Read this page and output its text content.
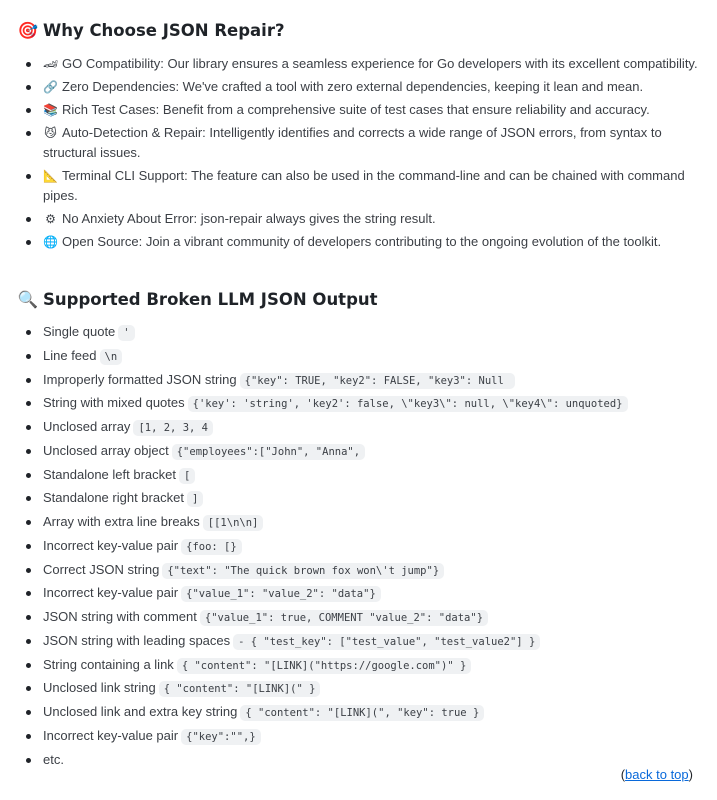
🎯 Why Choose JSON Repair?
🏎 GO Compatibility: Our library ensures a seamless experience for Go developers with its excellent compatibility.
🔗 Zero Dependencies: We've crafted a tool with zero external dependencies, keeping it lean and mean.
📚 Rich Test Cases: Benefit from a comprehensive suite of test cases that ensure reliability and accuracy.
😼 Auto-Detection & Repair: Intelligently identifies and corrects a wide range of JSON errors, from syntax to structural issues.
📐 Terminal CLI Support: The feature can also be used in the command-line and can be chained with command pipes.
⚙ No Anxiety About Error: json-repair always gives the string result.
🌐 Open Source: Join a vibrant community of developers contributing to the ongoing evolution of the toolkit.
🔍 Supported Broken LLM JSON Output
Single quote '
Line feed \n
Improperly formatted JSON string {"key": TRUE, "key2": FALSE, "key3": Null
String with mixed quotes {'key': 'string', 'key2': false, \"key3\": null, \"key4\": unquoted}
Unclosed array [1, 2, 3, 4
Unclosed array object {"employees":["John", "Anna",
Standalone left bracket [
Standalone right bracket ]
Array with extra line breaks [[1\n\n]
Incorrect key-value pair {foo: [}
Correct JSON string {"text": "The quick brown fox won\'t jump"}
Incorrect key-value pair {"value_1": "value_2": "data"}
JSON string with comment {"value_1": true, COMMENT "value_2": "data"}
JSON string with leading spaces - { "test_key": ["test_value", "test_value2"] }
String containing a link { "content": "[LINK]("https://google.com")" }
Unclosed link string { "content": "[LINK](" }
Unclosed link and extra key string { "content": "[LINK](", "key": true }
Incorrect key-value pair {"key":"",}
etc.
(back to top)
